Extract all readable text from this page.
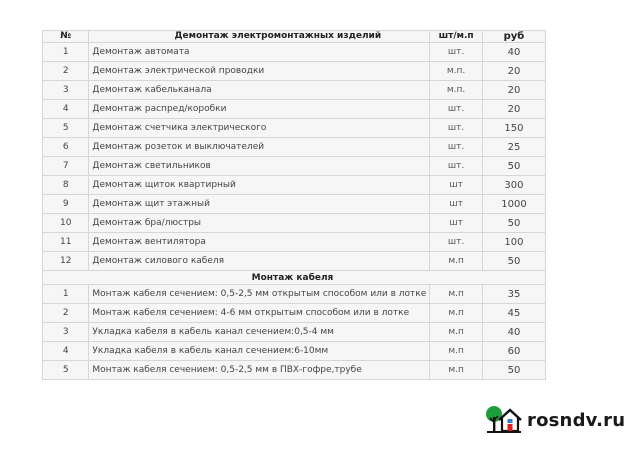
№	Демонтаж электромонтажных изделий	шт/м.п	руб
1	Демонтаж автомата	шт.	40
2	Демонтаж электрической проводки	м.п.	20
3	Демонтаж кабельканала	м.п.	20
4	Демонтаж распред/коробки	шт.	20
5	Демонтаж счетчика электрического	шт.	150
6	Демонтаж розеток и выключателей	шт.	25
7	Демонтаж светильников	шт.	50
8	Демонтаж щиток квартирный	шт	300
9	Демонтаж щит этажный	шт	1000
10	Демонтаж бра/люстры	шт	50
11	Демонтаж вентилятора	шт.	100
12	Демонтаж силового кабеля	м.п	50
Монтаж кабеля			
1	Монтаж кабеля сечением: 0,5-2,5 мм открытым способом или в лотке	м.п	35
2	Монтаж кабеля сечением: 4-6 мм открытым способом или в лотке	м.п	45
3	Укладка кабеля в кабель канал сечением:0,5-4 мм	м.п	40
4	Укладка кабеля в кабель канал сечением:6-10мм	м.п	60
5	Монтаж кабеля сечением: 0,5-2,5 мм в ПВХ-гофре,трубе	м.п	50
rosndv.ru
